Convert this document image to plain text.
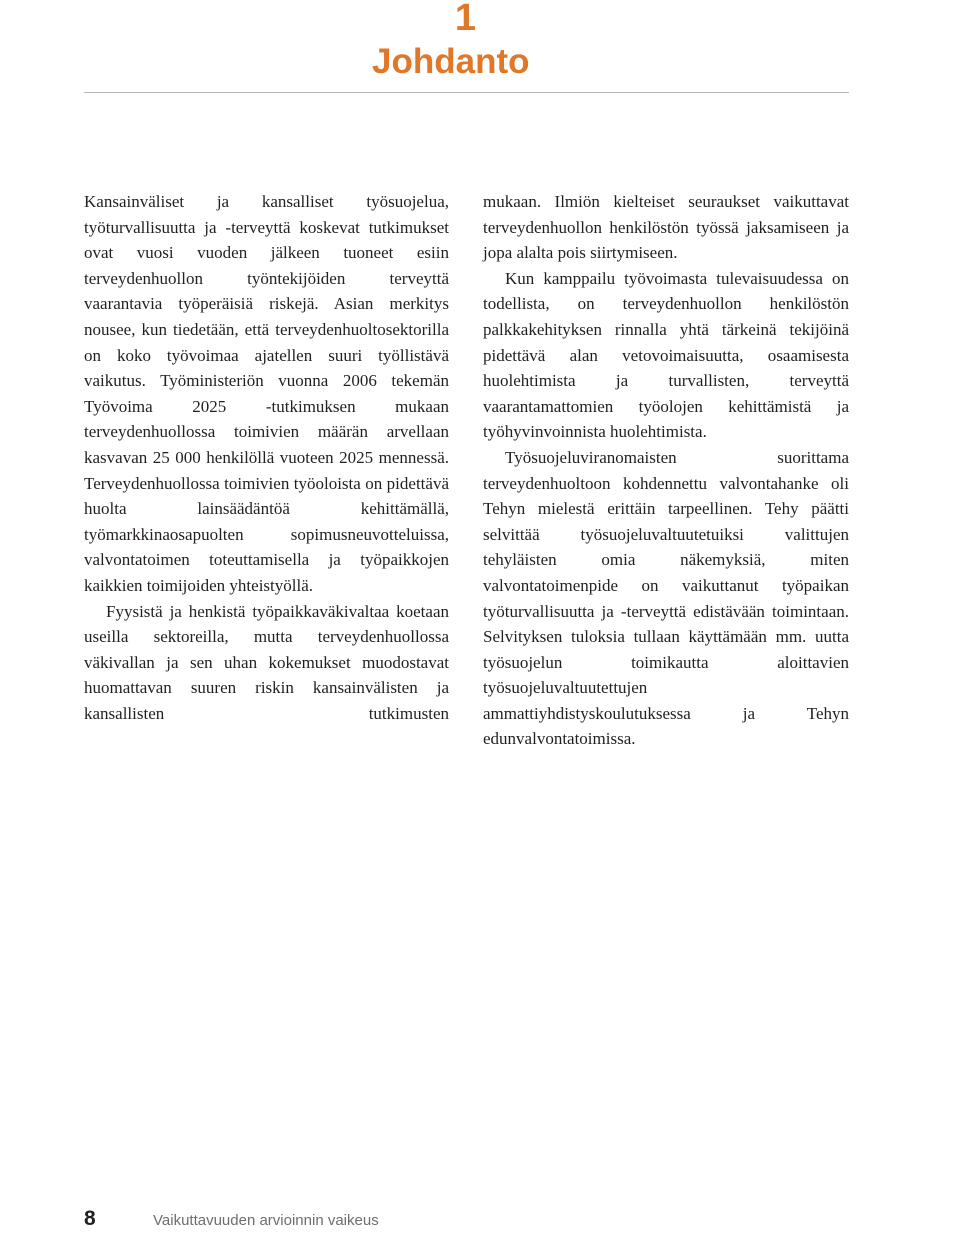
1
Johdanto

Kansainväliset ja kansalliset työsuojelua, työturvallisuutta ja -terveyttä koskevat tutkimukset ovat vuosi vuoden jälkeen tuoneet esiin terveydenhuollon työntekijöiden terveyttä vaarantavia työperäisiä riskejä. Asian merkitys nousee, kun tiedetään, että terveydenhuoltosektorilla on koko työvoimaa ajatellen suuri työllistävä vaikutus. Työministeriön vuonna 2006 tekemän Työvoima 2025 -tutkimuksen mukaan terveydenhuollossa toimivien määrän arvellaan kasvavan 25 000 henkilöllä vuoteen 2025 mennessä. Terveydenhuollossa toimivien työoloista on pidettävä huolta lainsäädäntöä kehittämällä, työmarkkinaosapuolten sopimusneuvotteluissa, valvontatoimen toteuttamisella ja työpaikkojen kaikkien toimijoiden yhteistyöllä.

Fyysistä ja henkistä työpaikkaväkivaltaa koetaan useilla sektoreilla, mutta terveydenhuollossa väkivallan ja sen uhan kokemukset muodostavat huomattavan suuren riskin kansainvälisten ja kansallisten tutkimusten

mukaan. Ilmiön kielteiset seuraukset vaikuttavat terveydenhuollon henkilöstön työssä jaksamiseen ja jopa alalta pois siirtymiseen.

Kun kamppailu työvoimasta tulevaisuudessa on todellista, on terveydenhuollon henkilöstön palkkakehityksen rinnalla yhtä tärkeinä tekijöinä pidettävä alan vetovoimaisuutta, osaamisesta huolehtimista ja turvallisten, terveyttä vaarantamattomien työolojen kehittämistä ja työhyvinvoinnista huolehtimista.

Työsuojeluviranomaisten suorittama terveydenhuoltoon kohdennettu valvontahanke oli Tehyn mielestä erittäin tarpeellinen. Tehy päätti selvittää työsuojeluvaltuutetuiksi valittujen tehyläisten omia näkemyksiä, miten valvontatoimenpide on vaikuttanut työpaikan työturvallisuutta ja -terveyttä edistävään toimintaan. Selvityksen tuloksia tullaan käyttämään mm. uutta työsuojelun toimikautta aloittavien työsuojeluvaltuutettujen ammattiyhdistyskoulutuksessa ja Tehyn edunvalvontatoimissa.

8	Vaikuttavuuden arvioinnin vaikeus
